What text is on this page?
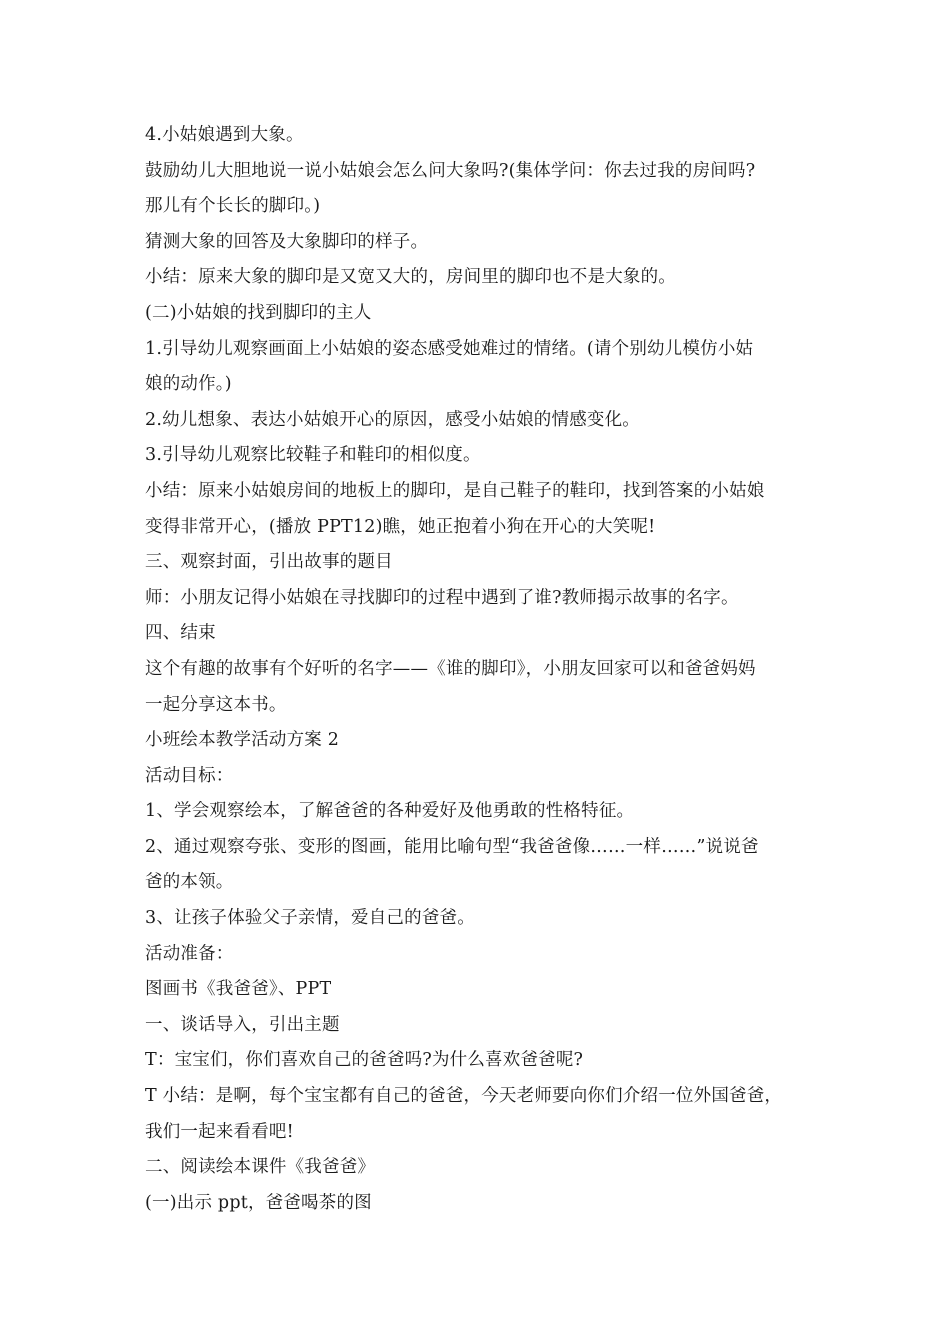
4.小姑娘遇到大象。
鼓励幼儿大胆地说一说小姑娘会怎么问大象吗?(集体学问：你去过我的房间吗?
那儿有个长长的脚印。)
猜测大象的回答及大象脚印的样子。
小结：原来大象的脚印是又宽又大的，房间里的脚印也不是大象的。
(二)小姑娘的找到脚印的主人
1.引导幼儿观察画面上小姑娘的姿态感受她难过的情绪。(请个别幼儿模仿小姑
娘的动作。)
2.幼儿想象、表达小姑娘开心的原因，感受小姑娘的情感变化。
3.引导幼儿观察比较鞋子和鞋印的相似度。
小结：原来小姑娘房间的地板上的脚印，是自己鞋子的鞋印，找到答案的小姑娘
变得非常开心，(播放 PPT12)瞧，她正抱着小狗在开心的大笑呢!
三、观察封面，引出故事的题目
师：小朋友记得小姑娘在寻找脚印的过程中遇到了谁?教师揭示故事的名字。
四、结束
这个有趣的故事有个好听的名字——《谁的脚印》，小朋友回家可以和爸爸妈妈
一起分享这本书。
小班绘本教学活动方案 2
活动目标：
1、学会观察绘本，了解爸爸的各种爱好及他勇敢的性格特征。
2、通过观察夸张、变形的图画，能用比喻句型“我爸爸像……一样……”说说爸
爸的本领。
3、让孩子体验父子亲情，爱自己的爸爸。
活动准备：
图画书《我爸爸》、PPT
一、谈话导入，引出主题
T：宝宝们，你们喜欢自己的爸爸吗?为什么喜欢爸爸呢?
T 小结：是啊，每个宝宝都有自己的爸爸，今天老师要向你们介绍一位外国爸爸，
我们一起来看看吧!
二、阅读绘本课件《我爸爸》
(一)出示 ppt，爸爸喝茶的图
